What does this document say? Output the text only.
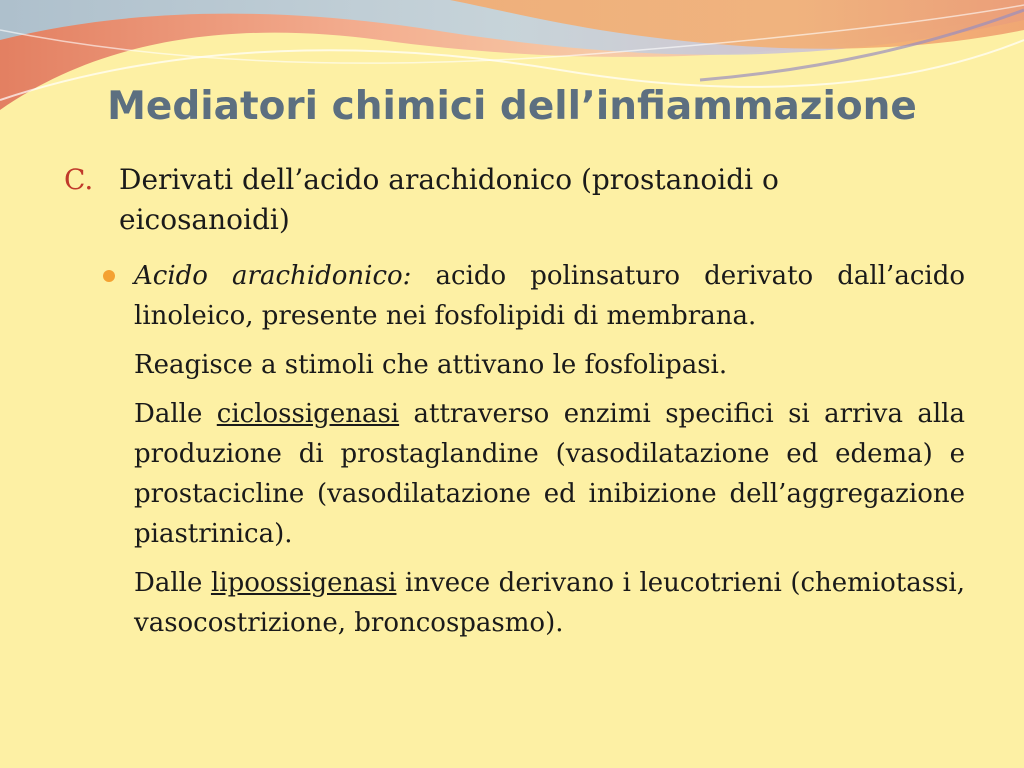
Mediatori chimici dell’infiammazione
C. Derivati dell’acido arachidonico (prostanoidi o eicosanoidi)
Acido arachidonico: acido polinsaturo derivato dall’acido linoleico, presente nei fosfolipidi di membrana.
Reagisce a stimoli che attivano le fosfolipasi.
Dalle ciclossigenasi attraverso enzimi specifici si arriva alla produzione di prostaglandine (vasodilatazione ed edema) e prostacicline (vasodilatazione ed inibizione dell’aggregazione piastrinica).
Dalle lipoossigenasi invece derivano i leucotrieni (chemiotassi, vasocostrizione, broncospasmo).
